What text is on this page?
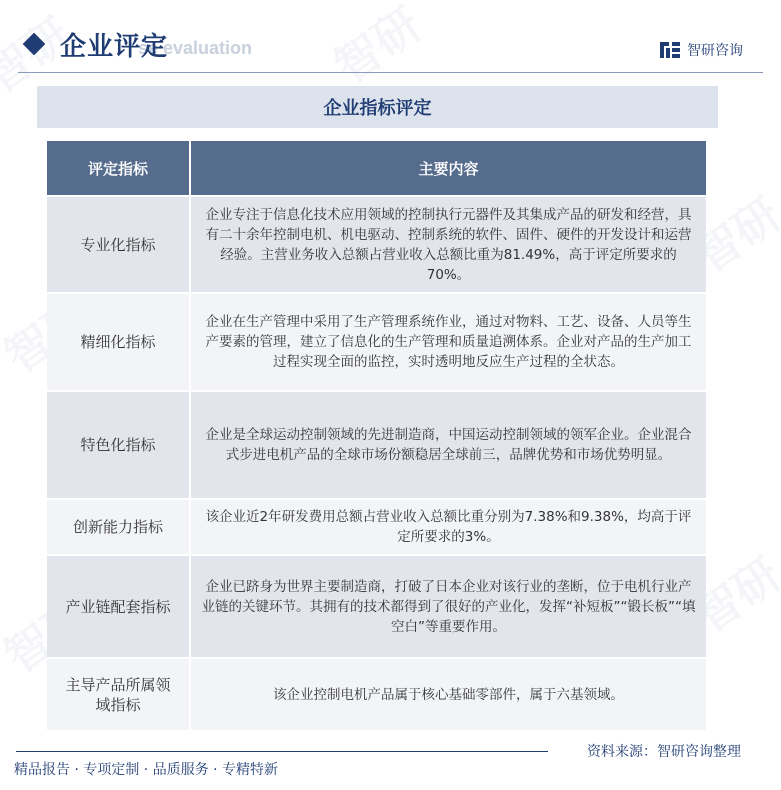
se evaluation
企业评定	智研咨询
企业指标评定
评定指标	主要内容
专业化指标	企业专注于信息化技术应用领域的控制执行元器件及其集成产品的研发和经营，具有二十余年控制电机、机电驱动、控制系统的软件、固件、硬件的开发设计和运营经验。主营业务收入总额占营业收入总额比重为81.49%，高于评定所要求的70%。
精细化指标	企业在生产管理中采用了生产管理系统作业，通过对物料、工艺、设备、人员等生产要素的管理，建立了信息化的生产管理和质量追溯体系。企业对产品的生产加工过程实现全面的监控，实时透明地反应生产过程的全状态。
特色化指标	企业是全球运动控制领域的先进制造商，中国运动控制领域的领军企业。企业混合式步进电机产品的全球市场份额稳居全球前三，品牌优势和市场优势明显。
创新能力指标	该企业近2年研发费用总额占营业收入总额比重分别为7.38%和9.38%，均高于评定所要求的3%。
产业链配套指标	企业已跻身为世界主要制造商，打破了日本企业对该行业的垄断，位于电机行业产业链的关键环节。其拥有的技术都得到了很好的产业化，发挥“补短板”“锻长板”“填空白”等重要作用。
主导产品所属领域指标	该企业控制电机产品属于核心基础零部件，属于六基领域。
资料来源：智研咨询整理
精品报告 · 专项定制 · 品质服务 · 专精特新
